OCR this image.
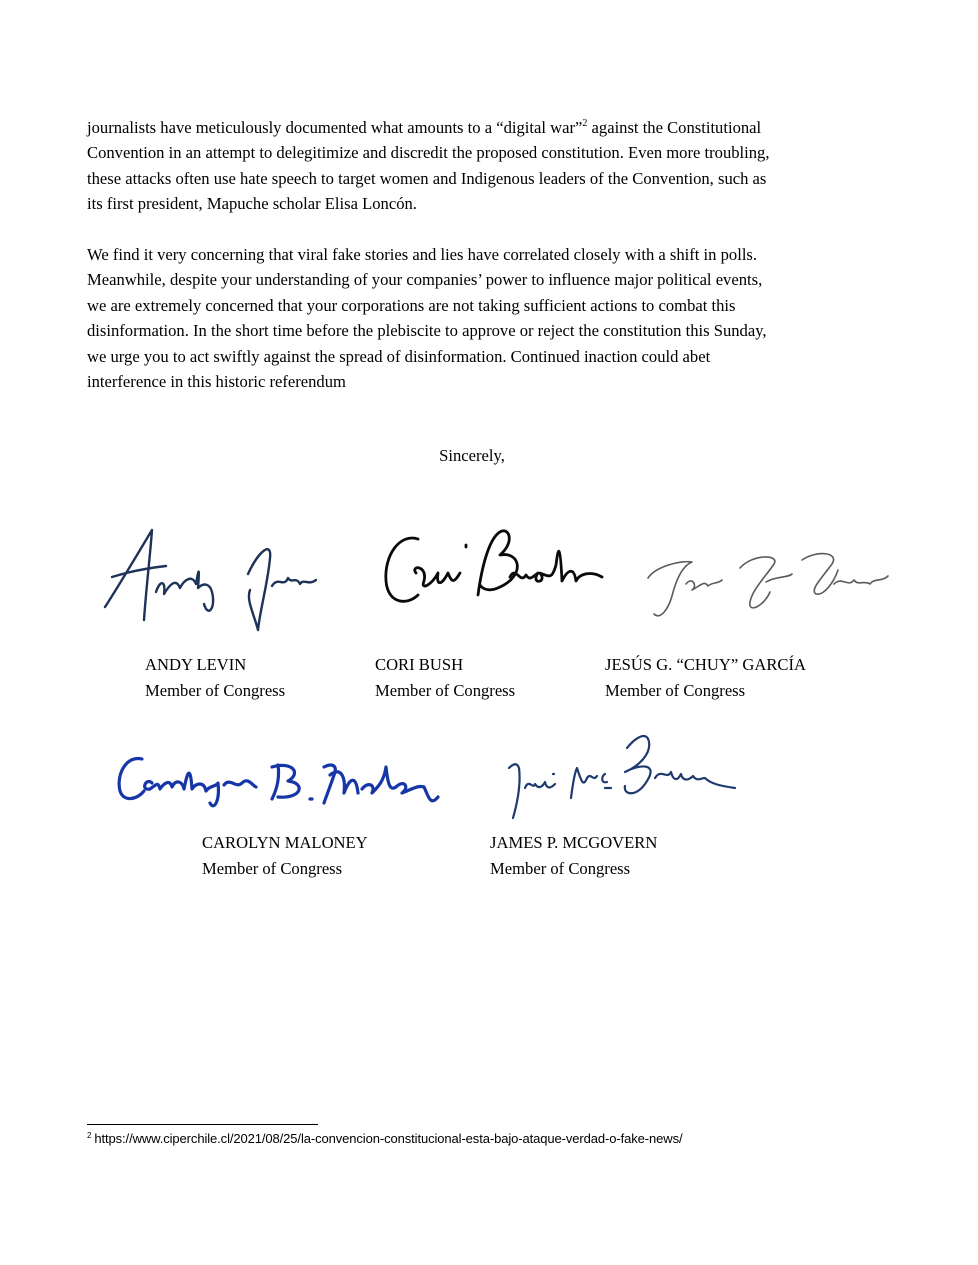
journalists have meticulously documented what amounts to a “digital war”$^2$ against the Constitutional
Convention in an attempt to delegitimize and discredit the proposed constitution. Even more troubling,
these attacks often use hate speech to target women and Indigenous leaders of the Convention, such as
its first president, Mapuche scholar Elisa Loncón.

We find it very concerning that viral fake stories and lies have correlated closely with a shift in polls.
Meanwhile, despite your understanding of your companies’ power to influence major political events,
we are extremely concerned that your corporations are not taking sufficient actions to combat this
disinformation. In the short time before the plebiscite to approve or reject the constitution this Sunday,
we urge you to act swiftly against the spread of disinformation. Continued inaction could abet
interference in this historic referendum

Sincerely,
ANDY LEVIN
Member of Congress
CORI BUSH
Member of Congress
JESÚS G. “CHUY” GARCÍA
Member of Congress
CAROLYN MALONEY
Member of Congress
JAMES P. MCGOVERN
Member of Congress
$^2$ https://www.ciperchile.cl/2021/08/25/la-convencion-constitucional-esta-bajo-ataque-verdad-o-fake-news/
